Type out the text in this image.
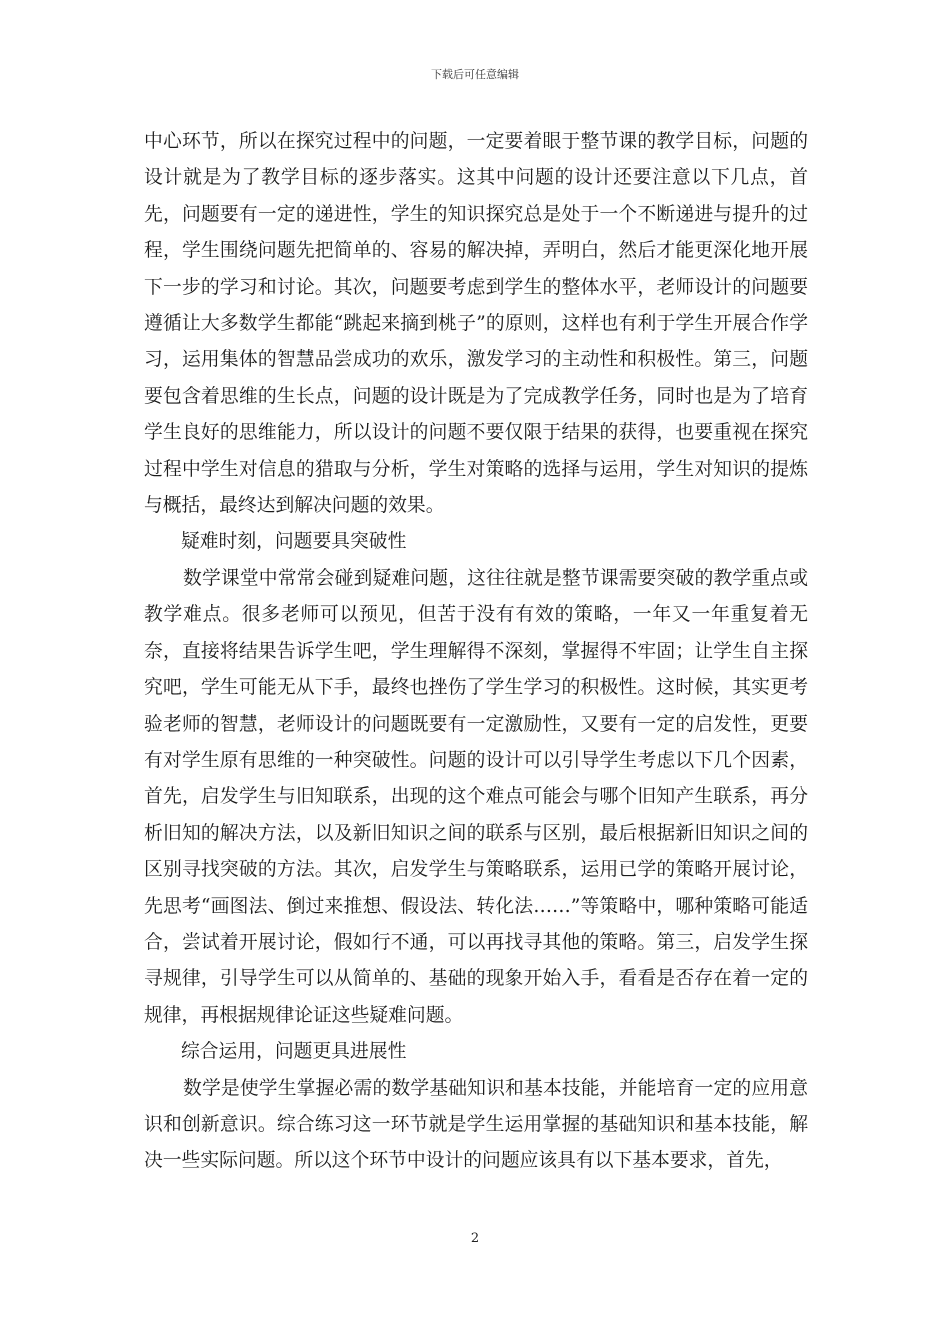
下载后可任意编辑

中心环节，所以在探究过程中的问题，一定要着眼于整节课的教学目标，问题的设计就是为了教学目标的逐步落实。这其中问题的设计还要注意以下几点，首先，问题要有一定的递进性，学生的知识探究总是处于一个不断递进与提升的过程，学生围绕问题先把简单的、容易的解决掉，弄明白，然后才能更深化地开展下一步的学习和讨论。其次，问题要考虑到学生的整体水平，老师设计的问题要遵循让大多数学生都能“跳起来摘到桃子”的原则，这样也有利于学生开展合作学习，运用集体的智慧品尝成功的欢乐，激发学习的主动性和积极性。第三，问题要包含着思维的生长点，问题的设计既是为了完成教学任务，同时也是为了培育学生良好的思维能力，所以设计的问题不要仅限于结果的获得，也要重视在探究过程中学生对信息的猎取与分析，学生对策略的选择与运用，学生对知识的提炼与概括，最终达到解决问题的效果。

疑难时刻，问题要具突破性

数学课堂中常常会碰到疑难问题，这往往就是整节课需要突破的教学重点或教学难点。很多老师可以预见，但苦于没有有效的策略，一年又一年重复着无奈，直接将结果告诉学生吧，学生理解得不深刻，掌握得不牢固；让学生自主探究吧，学生可能无从下手，最终也挫伤了学生学习的积极性。这时候，其实更考验老师的智慧，老师设计的问题既要有一定激励性，又要有一定的启发性，更要有对学生原有思维的一种突破性。问题的设计可以引导学生考虑以下几个因素，首先，启发学生与旧知联系，出现的这个难点可能会与哪个旧知产生联系，再分析旧知的解决方法，以及新旧知识之间的联系与区别，最后根据新旧知识之间的区别寻找突破的方法。其次，启发学生与策略联系，运用已学的策略开展讨论，先思考“画图法、倒过来推想、假设法、转化法……”等策略中，哪种策略可能适合，尝试着开展讨论，假如行不通，可以再找寻其他的策略。第三，启发学生探寻规律，引导学生可以从简单的、基础的现象开始入手，看看是否存在着一定的规律，再根据规律论证这些疑难问题。

综合运用，问题更具进展性

数学是使学生掌握必需的数学基础知识和基本技能，并能培育一定的应用意识和创新意识。综合练习这一环节就是学生运用掌握的基础知识和基本技能，解决一些实际问题。所以这个环节中设计的问题应该具有以下基本要求，首先，

2
